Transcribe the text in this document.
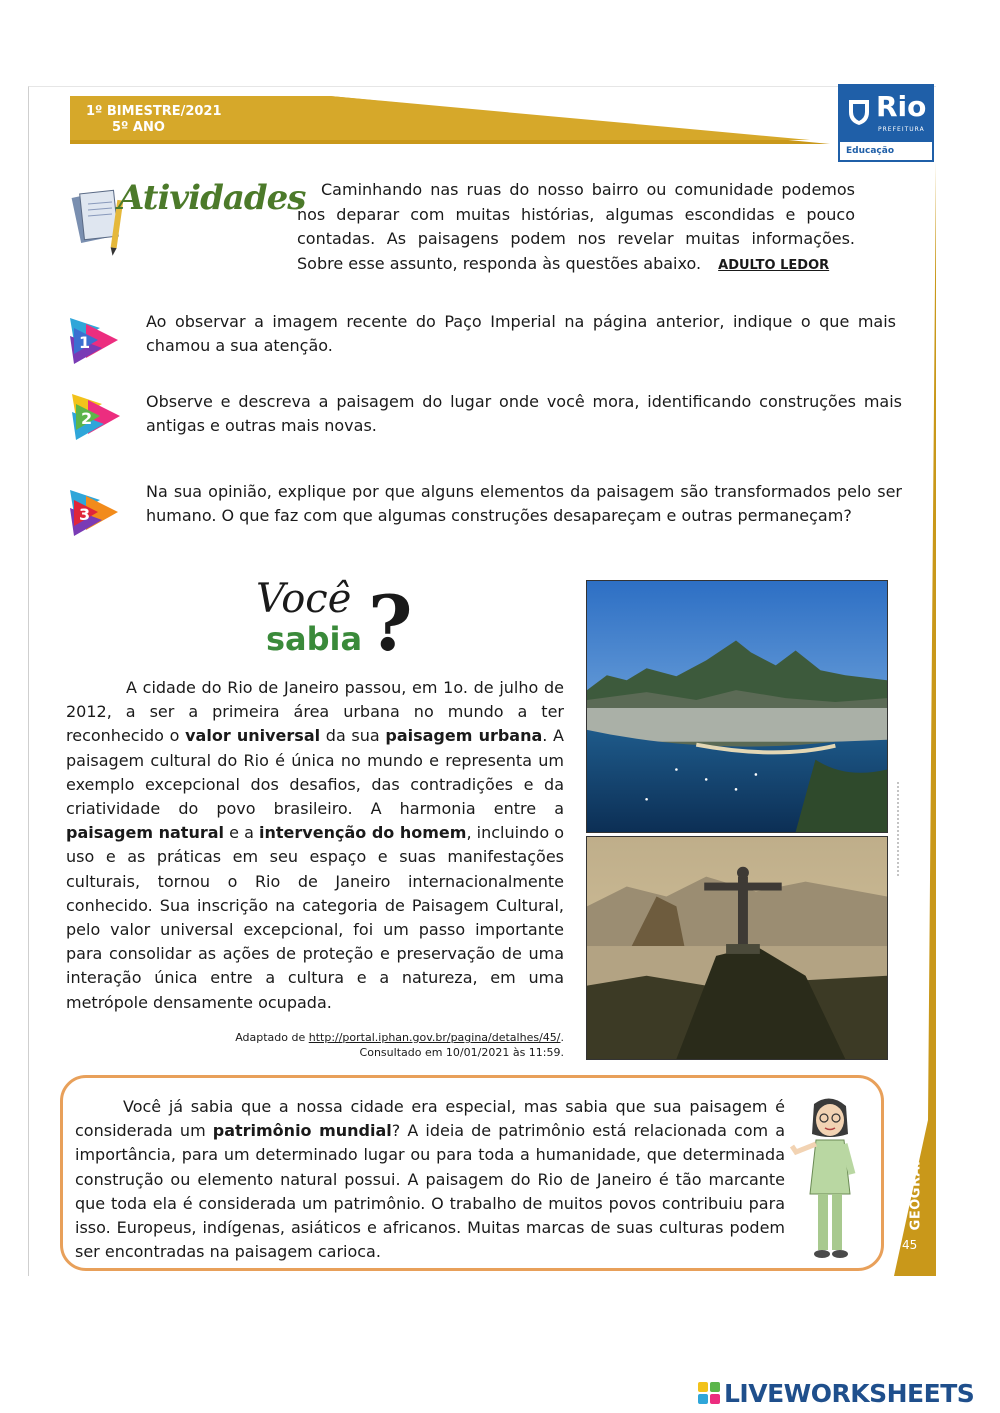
1º BIMESTRE/2021
5º ANO
Rio
PREFEITURA
Educação
GEOGRAFIA
45
Atividades Caminhando nas ruas do nosso bairro ou comunidade podemos nos deparar com muitas histórias, algumas escondidas e pouco contadas. As paisagens podem nos revelar muitas informações. Sobre esse assunto, responda às questões abaixo. ADULTO LEDOR
1
Ao observar a imagem recente do Paço Imperial na página anterior, indique o que mais chamou a sua atenção.
2
Observe e descreva a paisagem do lugar onde você mora, identificando construções mais antigas e outras mais novas.
3
Na sua opinião, explique por que alguns elementos da paisagem são transformados pelo ser humano. O que faz com que algumas construções desapareçam e outras permaneçam?
Você
sabia ?
A cidade do Rio de Janeiro passou, em 1o. de julho de 2012, a ser a primeira área urbana no mundo a ter reconhecido o valor universal da sua paisagem urbana. A paisagem cultural do Rio é única no mundo e representa um exemplo excepcional dos desafios, das contradições e da criatividade do povo brasileiro. A harmonia entre a paisagem natural e a intervenção do homem, incluindo o uso e as práticas em seu espaço e suas manifestações culturais, tornou o Rio de Janeiro internacionalmente conhecido. Sua inscrição na categoria de Paisagem Cultural, pelo valor universal excepcional, foi um passo importante para consolidar as ações de proteção e preservação de uma interação única entre a cultura e a natureza, em uma metrópole densamente ocupada.
Adaptado de http://portal.iphan.gov.br/pagina/detalhes/45/.
Consultado em 10/01/2021 às 11:59.
Você já sabia que a nossa cidade era especial, mas sabia que sua paisagem é considerada um patrimônio mundial? A ideia de patrimônio está relacionada com a importância, para um determinado lugar ou para toda a humanidade, que determinada construção ou elemento natural possui. A paisagem do Rio de Janeiro é tão marcante que toda ela é considerada um patrimônio. O trabalho de muitos povos contribuiu para isso. Europeus, indígenas, asiáticos e africanos. Muitas marcas de suas culturas podem ser encontradas na paisagem carioca.
LIVEWORKSHEETS
